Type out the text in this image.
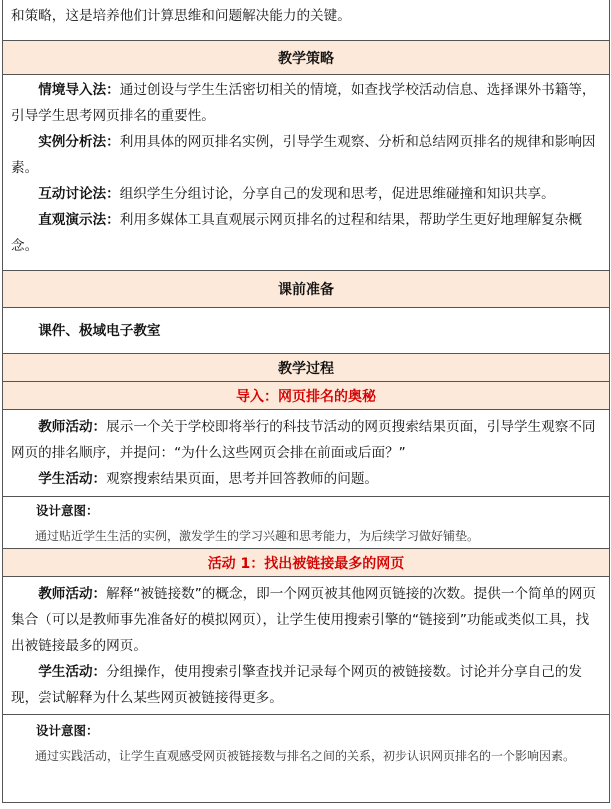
和策略，这是培养他们计算思维和问题解决能力的关键。

教学策略

情境导入法：通过创设与学生生活密切相关的情境，如查找学校活动信息、选择课外书籍等，引导学生思考网页排名的重要性。

实例分析法：利用具体的网页排名实例，引导学生观察、分析和总结网页排名的规律和影响因素。

互动讨论法：组织学生分组讨论，分享自己的发现和思考，促进思维碰撞和知识共享。

直观演示法：利用多媒体工具直观展示网页排名的过程和结果，帮助学生更好地理解复杂概念。

课前准备

课件、极域电子教室

教学过程
导入：网页排名的奥秘

教师活动：展示一个关于学校即将举行的科技节活动的网页搜索结果页面，引导学生观察不同网页的排名顺序，并提问：“为什么这些网页会排在前面或后面？”

学生活动：观察搜索结果页面，思考并回答教师的问题。

设计意图：

通过贴近学生生活的实例，激发学生的学习兴趣和思考能力，为后续学习做好铺垫。

活动 1：找出被链接最多的网页

教师活动：解释“被链接数”的概念，即一个网页被其他网页链接的次数。提供一个简单的网页集合（可以是教师事先准备好的模拟网页），让学生使用搜索引擎的“链接到”功能或类似工具，找出被链接最多的网页。

学生活动：分组操作，使用搜索引擎查找并记录每个网页的被链接数。讨论并分享自己的发现，尝试解释为什么某些网页被链接得更多。

设计意图：

通过实践活动，让学生直观感受网页被链接数与排名之间的关系，初步认识网页排名的一个影响因素。
